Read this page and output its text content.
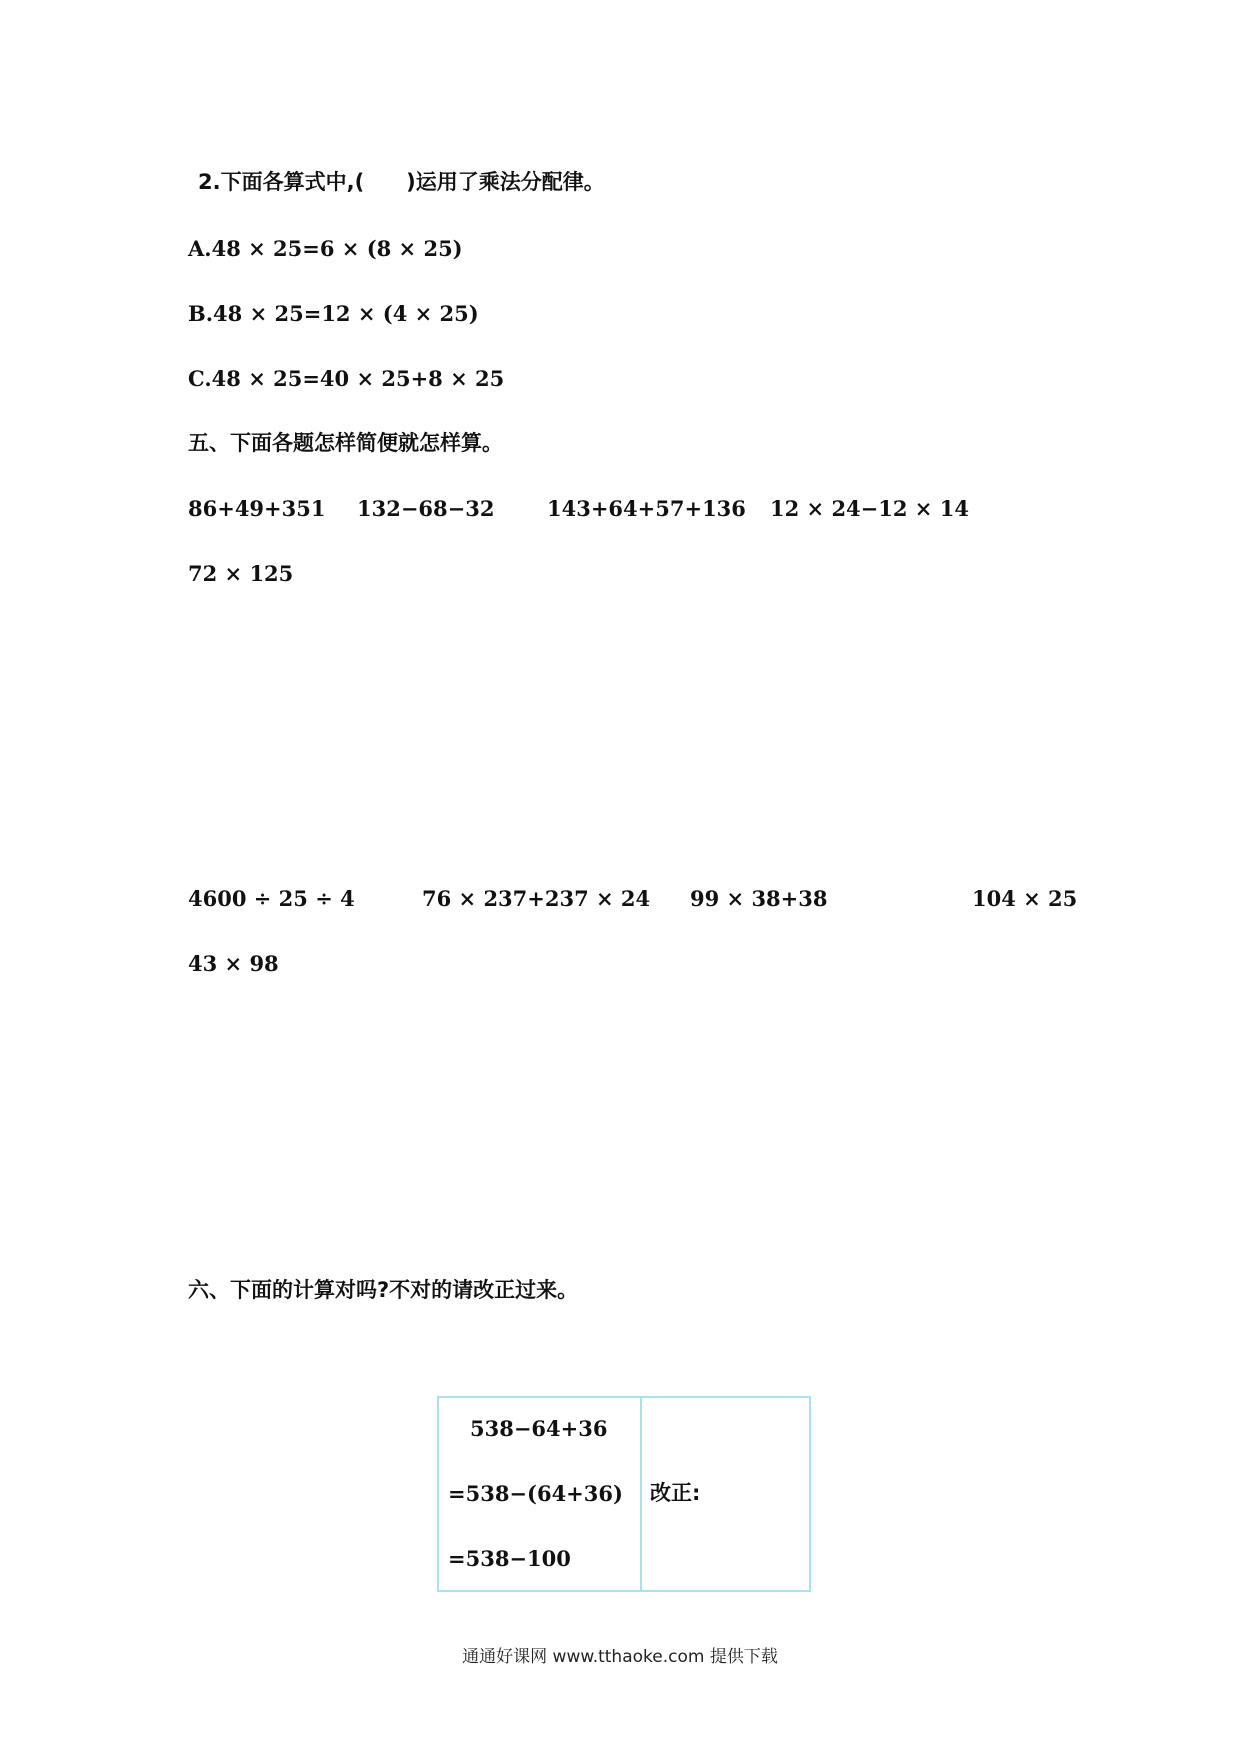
2.下面各算式中,(　　)运用了乘法分配律。
A.48 × 25=6 × (8 × 25)
B.48 × 25=12 × (4 × 25)
C.48 × 25=40 × 25+8 × 25
五、下面各题怎样简便就怎样算。
86+49+351 132−68−32	143+64+57+136 12 × 24−12 × 14
72 × 125
4600 ÷ 25 ÷ 4	76 × 237+237 × 24 99 × 38+38	104 × 25
43 × 98
六、下面的计算对吗?不对的请改正过来。
538−64+36
=538−(64+36)
=538−100
改正:
通通好课网 www.tthaoke.com 提供下载
